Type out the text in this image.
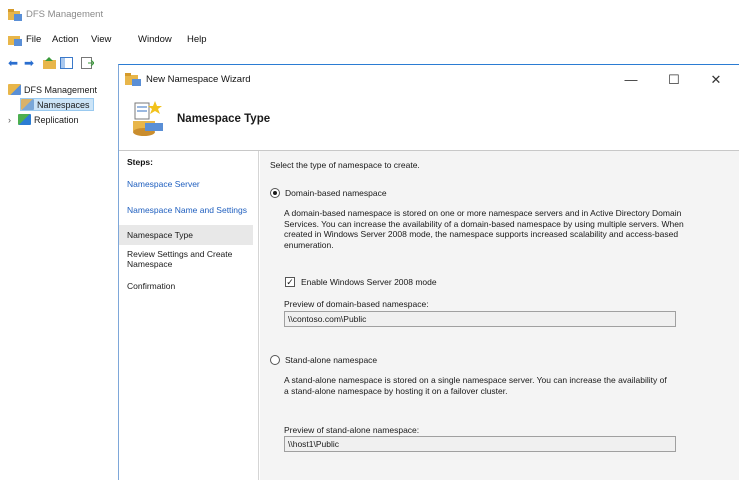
DFS Management
File Action View	Window Help
⬅ ➡
DFS Management
Namespaces
›	Replication
New Namespace Wizard	—	☐	✕
Namespace Type
Steps:
Namespace Server
Namespace Name and Settings
Namespace Type
Review Settings and Create Namespace
Confirmation
Select the type of namespace to create.
Domain-based namespace
A domain-based namespace is stored on one or more namespace servers and in Active Directory Domain Services. You can increase the availability of a domain-based namespace by using multiple servers. When created in Windows Server 2008 mode, the namespace supports increased scalability and access-based enumeration.
✓ Enable Windows Server 2008 mode
Preview of domain-based namespace:
\\contoso.com\Public
Stand-alone namespace
A stand-alone namespace is stored on a single namespace server. You can increase the availability of a stand-alone namespace by hosting it on a failover cluster.
Preview of stand-alone namespace:
\\host1\Public
